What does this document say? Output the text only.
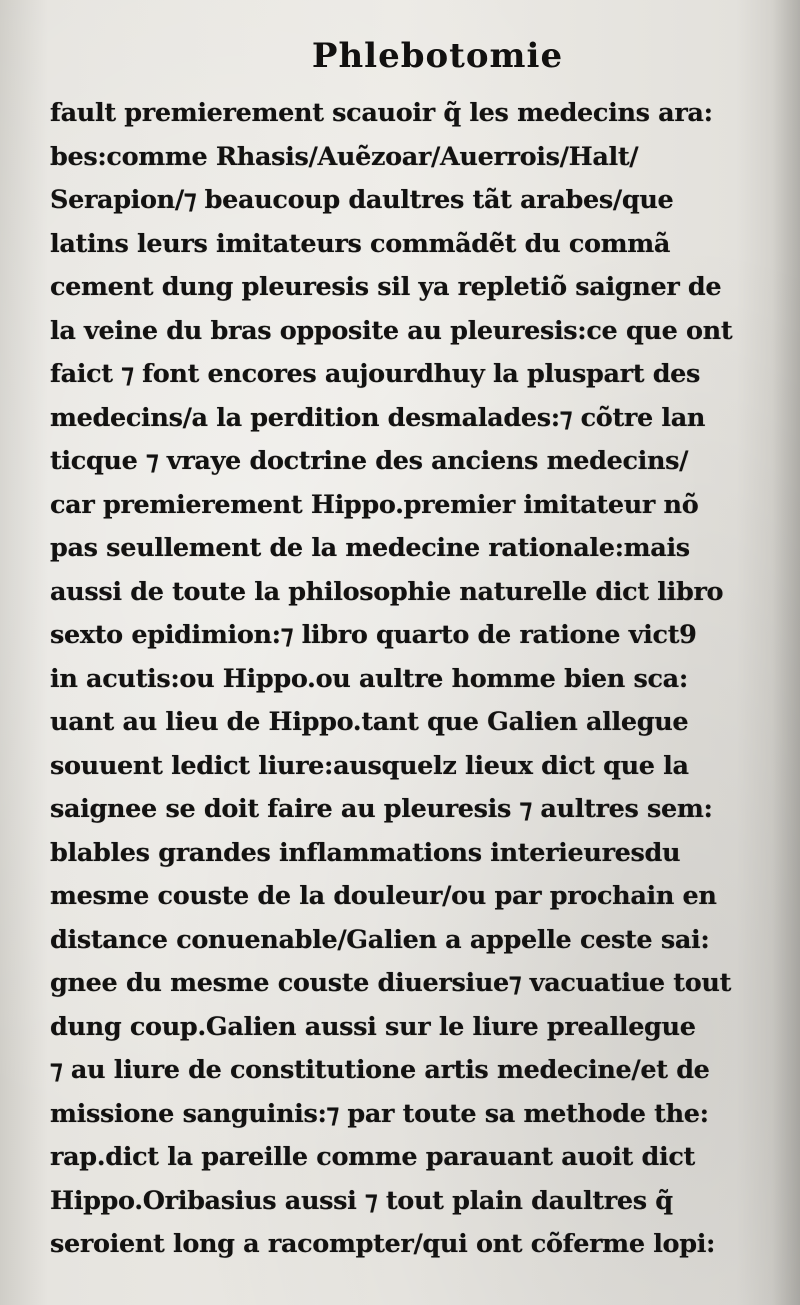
Phlebotomie
fault premierement scauoir q̃ les medecins ara:
bes:comme Rhasis/Auẽzoar/Auerrois/Halt/
Serapion/⁊ beaucoup daultres tãt arabes/que
latins leurs imitateurs commãdẽt du commã
cement dung pleuresis sil ya repletiõ saigner de
la veine du bras opposite au pleuresis:ce que ont
faict ⁊ font encores aujourdhuy la pluspart des
medecins/a la perdition desmalades:⁊ cõtre lan
ticque ⁊ vraye doctrine des anciens medecins/
car premierement Hippo.premier imitateur nõ
pas seullement de la medecine rationale:mais
aussi de toute la philosophie naturelle dict libro
sexto epidimion:⁊ libro quarto de ratione vict9
in acutis:ou Hippo.ou aultre homme bien sca:
uant au lieu de Hippo.tant que Galien allegue
souuent ledict liure:ausquelz lieux dict que la
saignee se doit faire au pleuresis ⁊ aultres sem:
blables grandes inflammations interieuresdu
mesme couste de la douleur/ou par prochain en
distance conuenable/Galien a appelle ceste sai:
gnee du mesme couste diuersiue⁊ vacuatiue tout
dung coup.Galien aussi sur le liure preallegue
⁊ au liure de constitutione artis medecine/et de
missione sanguinis:⁊ par toute sa methode the:
rap.dict la pareille comme parauant auoit dict
Hippo.Oribasius aussi ⁊ tout plain daultres q̃
seroient long a racompter/qui ont cõferme lopi:
